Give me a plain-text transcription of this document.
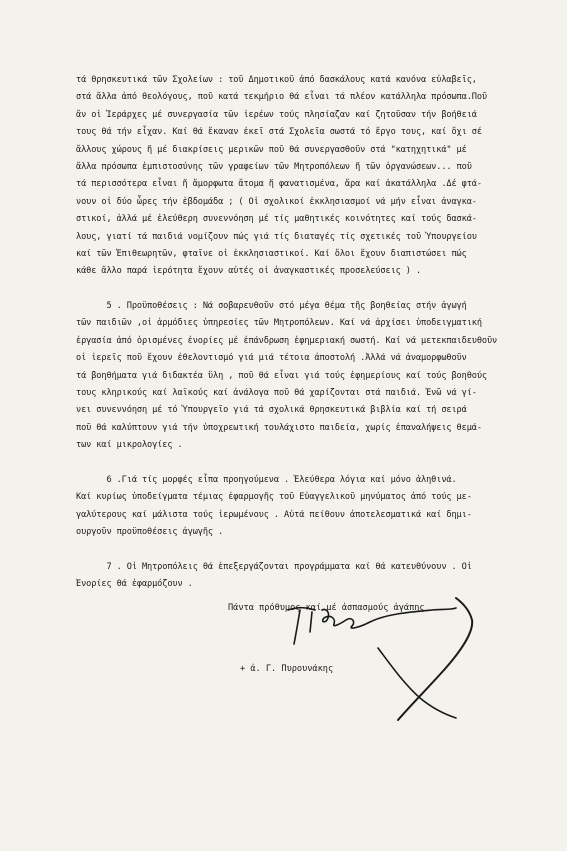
τά θρησκευτικά τῶν Σχολείων : τοῦ Δημοτικοῦ ἀπό δασκάλους κατά κανόνα εὐλαβεῖς,
στά ἄλλα ἀπό θεολόγους, ποῦ κατά τεκμήριο θά εἶναι τά πλέον κατάλληλα πρόσωπα.Ποῦ
ἄν οἱ Ἱεράρχες μέ συνεργασία τῶν ἱερέων τούς πλησίαζαν καί ζητοῦσαν τήν βοήθειά
τους θά τήν εἶχαν. Καί θά ἔκαναν ἐκεῖ στά Σχολεῖα σωστά τό ἔργο τους, καί ὄχι σέ
ἄλλους χώρους ἤ μέ διακρίσεις μερικῶν ποῦ θά συνεργασθοῦν στά "κατηχητικά" μέ
ἄλλα πρόσωπα ἐμπιστοσύνης τῶν γραφείων τῶν Μητροπόλεων ἤ τῶν ὀργανώσεων... ποῦ
τά περισσότερα εἶναι ἤ ἄμορφωτα ἄτομα ἤ φανατισμένα, ἄρα καί ἀκατάλληλα .Δέ φτά-
νουν οἱ δύο ὧρες τήν ἑβδομάδα ; ( Οἱ σχολικοί ἐκκλησιασμοί νά μήν εἶναι ἀναγκα-
στικοί, ἀλλά μέ ἐλεύθερη συνεννόηση μέ τίς μαθητικές κοινότητες καί τούς δασκά-
λους, γιατί τά παιδιά νομίζουν πώς γιά τίς διαταγές τίς σχετικές τοῦ Ὑπουργείου
καί τῶν Ἐπιθεωρητῶν, φταῖνε οἱ ἐκκλησιαστικοί. Καί ὅλοι ἔχουν διαπιστώσει πώς
κάθε ἄλλο παρά ἱερότητα ἔχουν αὐτές οἱ ἀναγκαστικές προσελεύσεις ) .
5 . Προϋποθέσεις : Νά σοβαρευθοῦν στό μέγα θέμα τῆς βοηθείας στήν ἀγωγή
τῶν παιδιῶν ,οἱ ἁρμόδιες ὑπηρεσίες τῶν Μητροπόλεων. Καί νά ἀρχίσει ὑποδειγματική
ἐργασία ἀπό ὁρισμένες ἐνορίες μέ ἐπάνδρωση ἐφημεριακή σωστή. Καί νά μετεκπαιδευθοῦν
οἱ ἱερεῖς ποῦ ἔχουν ἐθελοντισμό γιά μιά τέτοια ἀποστολή .Ἀλλά νά ἀναμορφωθοῦν
τά βοηθήματα γιά διδακτέα ὕλη , ποῦ θά εἶναι γιά τούς ἐφημερίους καί τούς βοηθούς
τους κληρικούς καί λαϊκούς καί ἀνάλογα ποῦ θά χαρίζονται στά παιδιά. Ἐνῶ νά γί-
νει συνεννόηση μέ τό Ὑπουργεῖο γιά τά σχολικά θρησκευτικά βιβλία καί τή σειρά
ποῦ θά καλύπτουν γιά τήν ὑποχρεωτική τουλάχιστο παιδεία, χωρίς ἐπαναλήψεις θεμά-
των καί μικρολογίες .
6 .Γιά τίς μορφές εἶπα προηγούμενα . Ἐλεύθερα λόγια καί μόνο ἀληθινά.
Καί κυρίως ὑποδείγματα τέμιας ἐφαρμογῆς τοῦ Εὐαγγελικοῦ μηνύματος ἀπό τούς με-
γαλύτερους καί μάλιστα τούς ἱερωμένους . Αὐτά πείθουν ἀποτελεσματικά καί δημι-
ουργοῦν προϋποθέσεις ἀγωγῆς .
7 . Οἱ Μητροπόλεις θά ἐπεξεργάζονται προγράμματα καί θά κατευθύνουν . Οἱ
Ἐνορίες θά ἐφαρμόζουν .
Πάντα πρόθυμος καί μέ ἀσπασμούς ἀγάπης
+ ἀ. Γ. Πυρουνάκης
